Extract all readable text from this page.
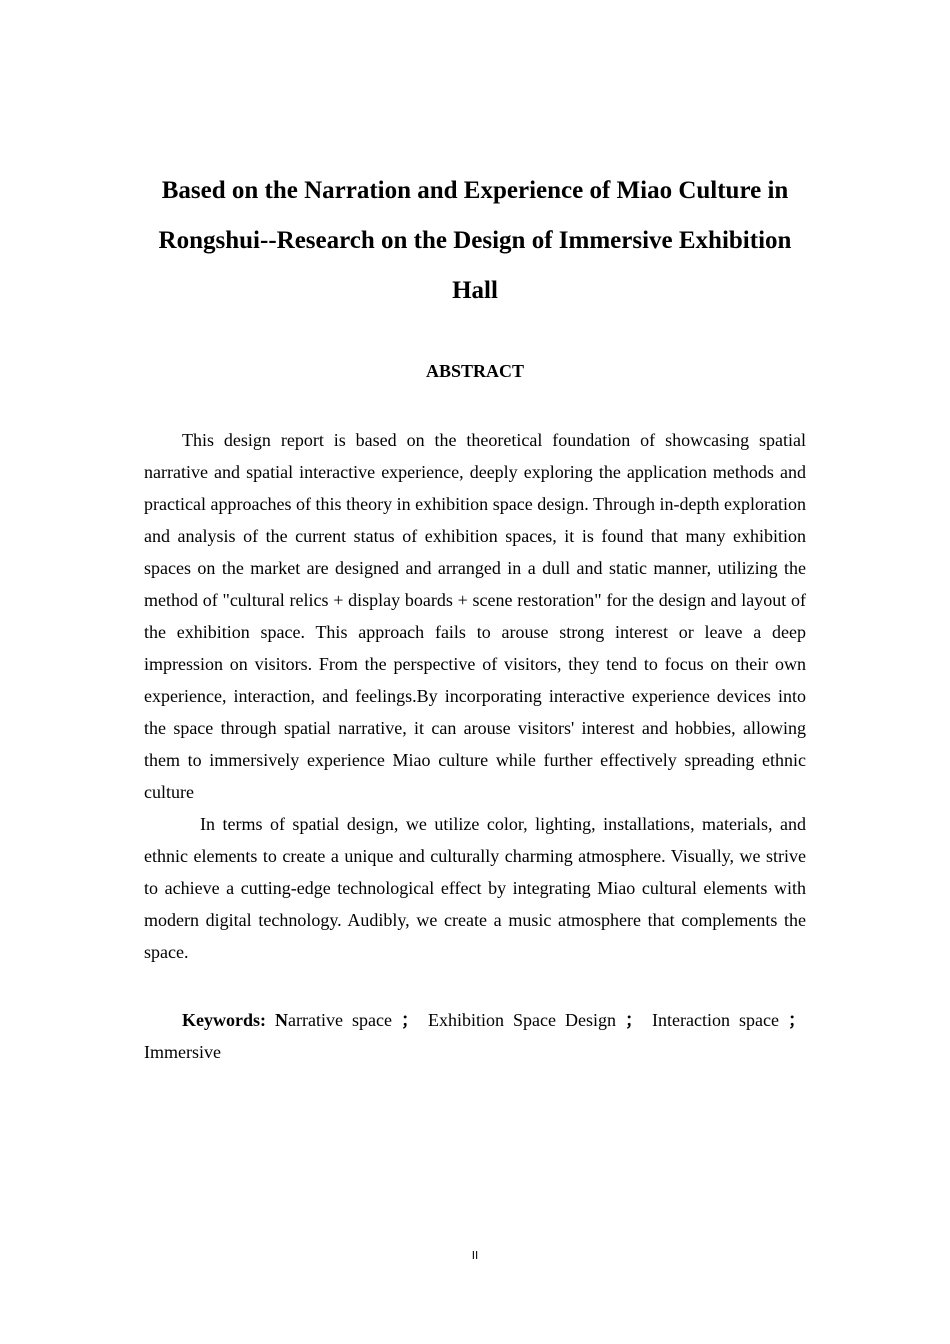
Based on the Narration and Experience of Miao Culture in
Rongshui--Research on the Design of Immersive Exhibition
Hall
ABSTRACT

This design report is based on the theoretical foundation of showcasing spatial narrative and spatial interactive experience, deeply exploring the application methods and practical approaches of this theory in exhibition space design. Through in-depth exploration and analysis of the current status of exhibition spaces, it is found that many exhibition spaces on the market are designed and arranged in a dull and static manner, utilizing the method of "cultural relics + display boards + scene restoration" for the design and layout of the exhibition space. This approach fails to arouse strong interest or leave a deep impression on visitors. From the perspective of visitors, they tend to focus on their own experience, interaction, and feelings.By incorporating interactive experience devices into the space through spatial narrative, it can arouse visitors' interest and hobbies, allowing them to immersively experience Miao culture while further effectively spreading ethnic culture

In terms of spatial design, we utilize color, lighting, installations, materials, and ethnic elements to create a unique and culturally charming atmosphere. Visually, we strive to achieve a cutting-edge technological effect by integrating Miao cultural elements with modern digital technology. Audibly, we create a music atmosphere that complements the space.

Keywords: Narrative space ； Exhibition Space Design ； Interaction space ； Immersive

II
